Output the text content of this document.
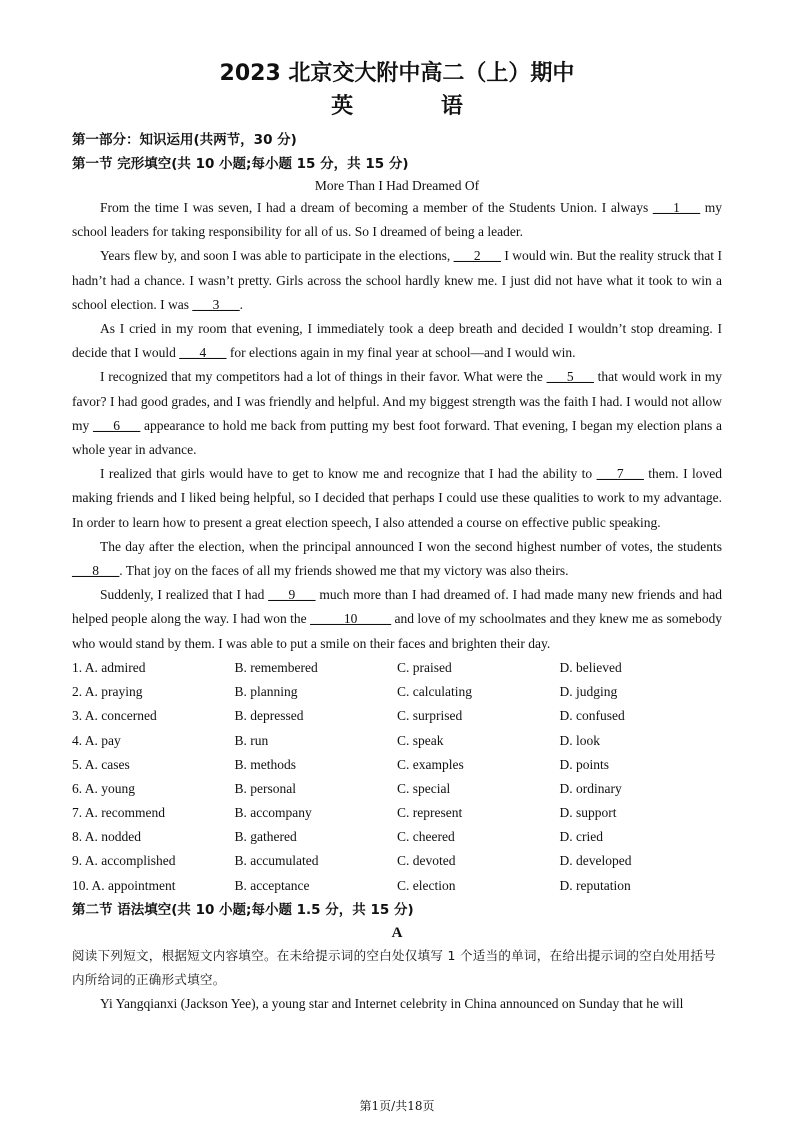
2023 北京交大附中高二（上）期中
英 语
第一部分：知识运用(共两节，30 分)
第一节 完形填空(共 10 小题;每小题 15 分，共 15 分)
More Than I Had Dreamed Of

From the time I was seven, I had a dream of becoming a member of the Students Union. I always ___1___ my school leaders for taking responsibility for all of us. So I dreamed of being a leader.

Years flew by, and soon I was able to participate in the elections, ___2___ I would win. But the reality struck that I hadn’t had a chance. I wasn’t pretty. Girls across the school hardly knew me. I just did not have what it took to win a school election. I was ___3___.

As I cried in my room that evening, I immediately took a deep breath and decided I wouldn’t stop dreaming. I decide that I would ___4___ for elections again in my final year at school—and I would win.

I recognized that my competitors had a lot of things in their favor. What were the ___5___ that would work in my favor? I had good grades, and I was friendly and helpful. And my biggest strength was the faith I had. I would not allow my ___6___ appearance to hold me back from putting my best foot forward. That evening, I began my election plans a whole year in advance.

I realized that girls would have to get to know me and recognize that I had the ability to ___7___ them. I loved making friends and I liked being helpful, so I decided that perhaps I could use these qualities to work to my advantage. In order to learn how to present a great election speech, I also attended a course on effective public speaking.

The day after the election, when the principal announced I won the second highest number of votes, the students ___8___. That joy on the faces of all my friends showed me that my victory was also theirs.

Suddenly, I realized that I had ___9___ much more than I had dreamed of. I had made many new friends and had helped people along the way. I had won the _____10_____ and love of my schoolmates and they knew me as somebody who would stand by them. I was able to put a smile on their faces and brighten their day.

1. A. admired	B. remembered	C. praised	D. believed
2. A. praying	B. planning	C. calculating	D. judging
3. A. concerned	B. depressed	C. surprised	D. confused
4. A. pay	B. run	C. speak	D. look
5. A. cases	B. methods	C. examples	D. points
6. A. young	B. personal	C. special	D. ordinary
7. A. recommend	B. accompany	C. represent	D. support
8. A. nodded	B. gathered	C. cheered	D. cried
9. A. accomplished	B. accumulated	C. devoted	D. developed
10. A. appointment	B. acceptance	C. election	D. reputation
第二节 语法填空(共 10 小题;每小题 1.5 分，共 15 分)
A

阅读下列短文，根据短文内容填空。在未给提示词的空白处仅填写 1 个适当的单词，在给出提示词的空白处用括号内所给词的正确形式填空。

Yi Yangqianxi (Jackson Yee), a young star and Internet celebrity in China announced on Sunday that he will

第1页/共18页
